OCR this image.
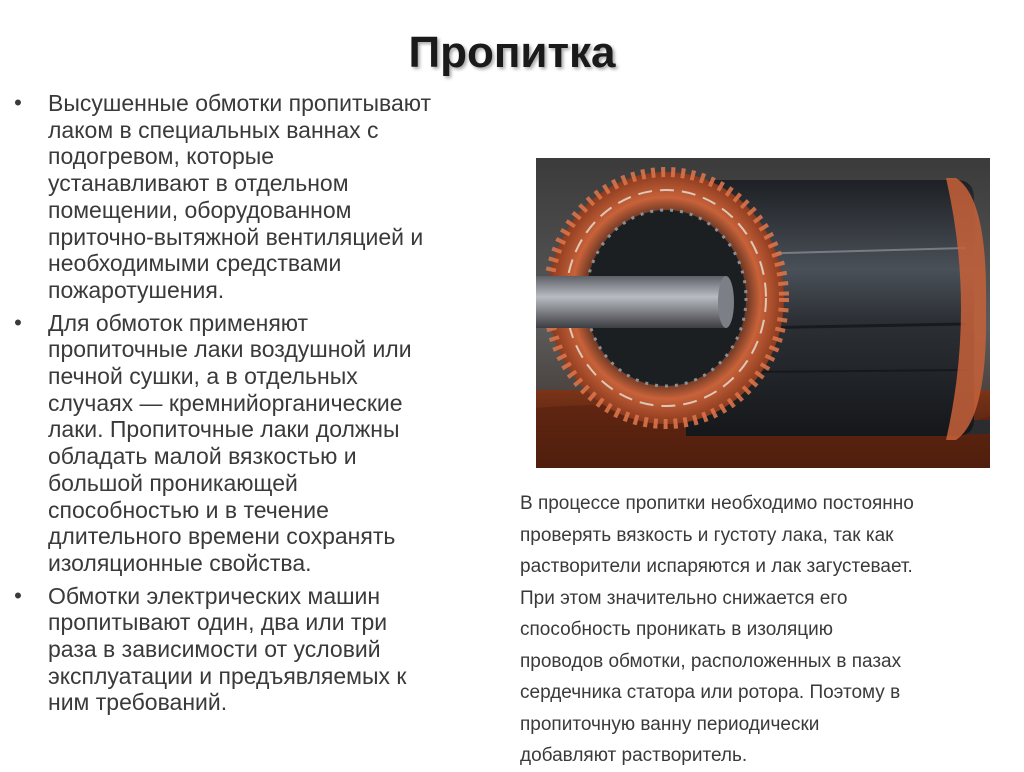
Пропитка
• Высушенные обмотки пропитывают
лаком в специальных ваннах с
подогревом, которые
устанавливают в отдельном
помещении, оборудованном
приточно-вытяжной вентиляцией и
необходимыми средствами
пожаротушения.
• Для обмоток применяют
пропиточные лаки воздушной или
печной сушки, а в отдельных
случаях — кремнийорганические
лаки. Пропиточные лаки должны
обладать малой вязкостью и
большой проникающей
способностью и в течение
длительного времени сохранять
изоляционные свойства.
• Обмотки электрических машин
пропитывают один, два или три
раза в зависимости от условий
эксплуатации и предъявляемых к
ним требований.

В процессе пропитки необходимо постоянно
проверять вязкость и густоту лака, так как
растворители испаряются и лак загустевает.
При этом значительно снижается его
способность проникать в изоляцию
проводов обмотки, расположенных в пазах
сердечника статора или ротора. Поэтому в
пропиточную ванну периодически
добавляют растворитель.
